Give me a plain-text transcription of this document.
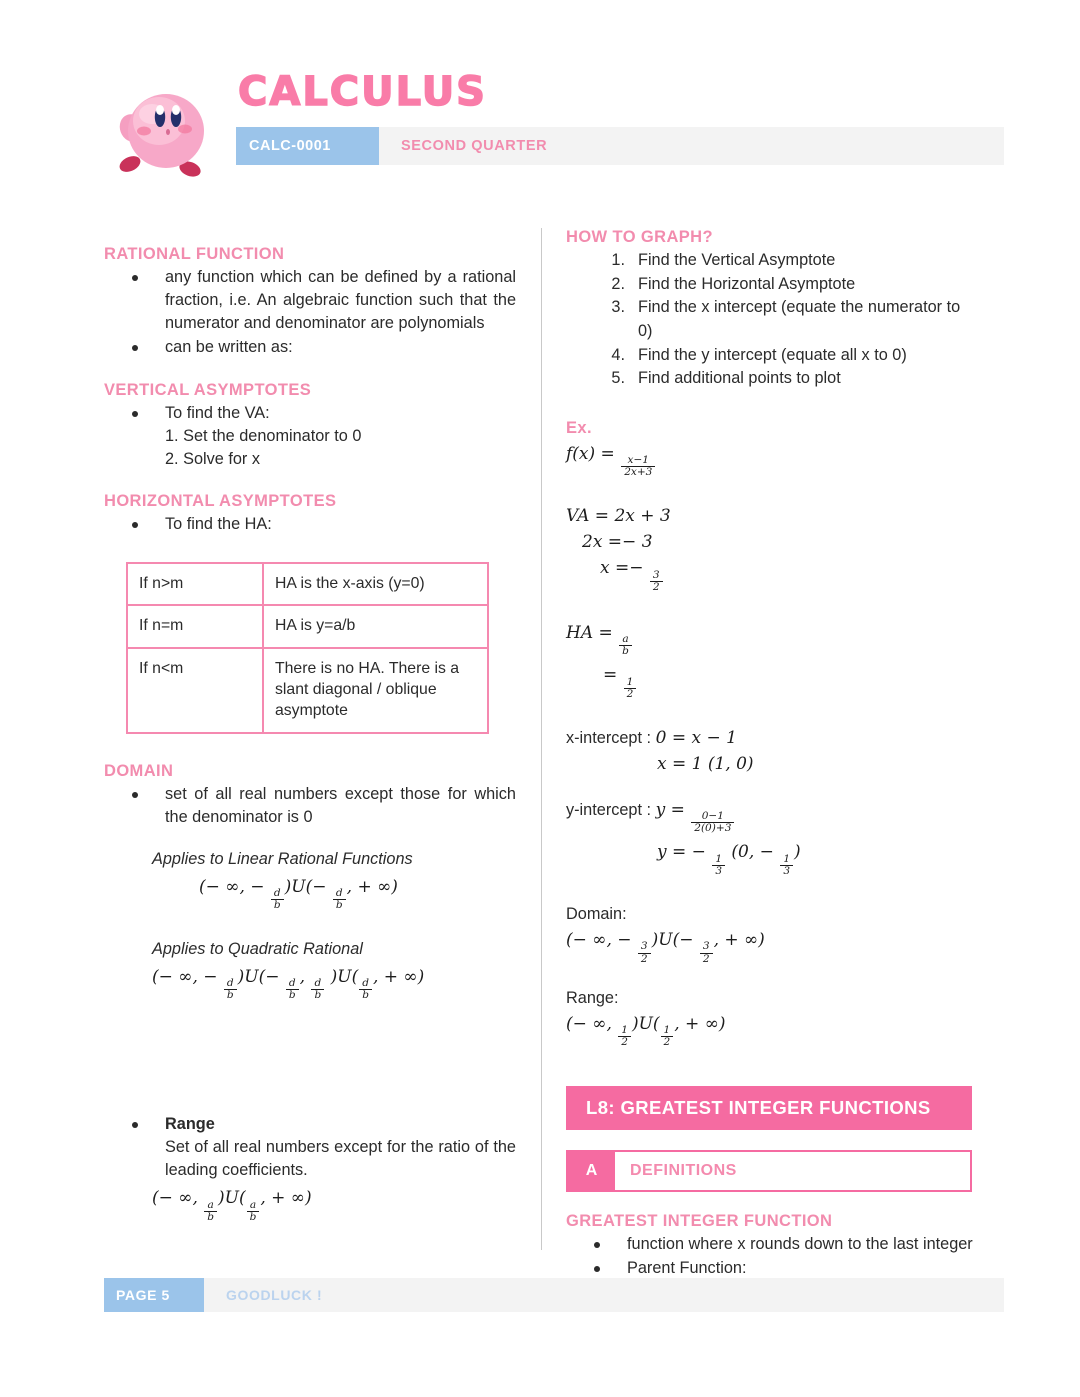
CALCULUS
CALC-0001	SECOND QUARTER
RATIONAL FUNCTION
any function which can be defined by a rational fraction, i.e. An algebraic function such that the numerator and denominator are polynomials
can be written as:
VERTICAL ASYMPTOTES
To find the VA:
1. Set the denominator to 0
2. Solve for x
HORIZONTAL ASYMPTOTES
To find the HA:
If n>m	HA is the x-axis (y=0)
If n=m	HA is y=a/b
If n<m	There is no HA. There is a slant diagonal / oblique asymptote
DOMAIN
set of all real numbers except those for which the denominator is 0
Applies to Linear Rational Functions
(− ∞, −
$\frac{d}{b}$
)U(−
$\frac{d}{b}$
, + ∞)
Applies to Quadratic Rational
(− ∞, −
$\frac{d}{b}$
)U(−
$\frac{d}{b}$
,
$\frac{d}{b}$
)U(
$\frac{d}{b}$
, + ∞)
Range
Set of all real numbers except for the ratio of the leading coefficients.
(− ∞,
$\frac{a}{b}$
)U(
$\frac{a}{b}$
, + ∞)
HOW TO GRAPH?
Find the Vertical Asymptote
Find the Horizontal Asymptote
Find the x intercept (equate the numerator to 0)
Find the y intercept (equate all x to 0)
Find additional points to plot
Ex.
f(x) =
$\frac{x-1}{2x+3}$
VA = 2x + 3
2x =− 3
x =−
$\frac{3}{2}$
HA =
$\frac{a}{b}$
=
$\frac{1}{2}$
x-intercept : 0 = x − 1
x = 1 (1, 0)
y-intercept : y =
$\frac{0-1}{2(0)+3}$
y = −
$\frac{1}{3}$
(0, −
$\frac{1}{3}$
)
Domain:
(− ∞, −
$\frac{3}{2}$
)U(−
$\frac{3}{2}$
, + ∞)
Range:
(− ∞,
$\frac{1}{2}$
)U(
$\frac{1}{2}$
, + ∞)
L8: GREATEST INTEGER FUNCTIONS
A	DEFINITIONS
GREATEST INTEGER FUNCTION
function where x rounds down to the last integer
Parent Function:
PAGE 5	GOODLUCK !
